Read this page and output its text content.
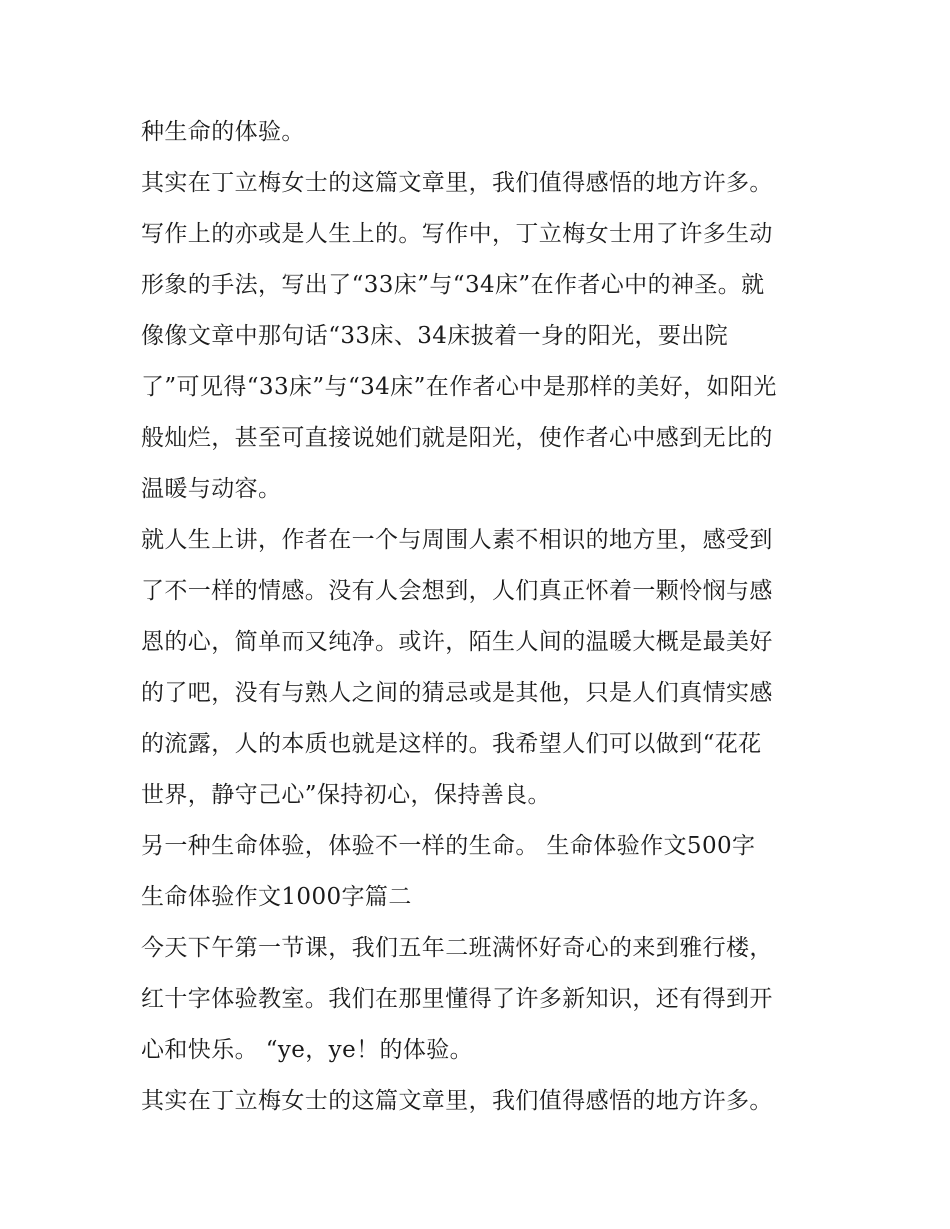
种生命的体验。
其实在丁立梅女士的这篇文章里，我们值得感悟的地方许多。
写作上的亦或是人生上的。写作中，丁立梅女士用了许多生动
形象的手法，写出了“33床”与“34床”在作者心中的神圣。就
像像文章中那句话“33床、34床披着一身的阳光，要出院
了”可见得“33床”与“34床”在作者心中是那样的美好，如阳光
般灿烂，甚至可直接说她们就是阳光，使作者心中感到无比的
温暖与动容。
就人生上讲，作者在一个与周围人素不相识的地方里，感受到
了不一样的情感。没有人会想到，人们真正怀着一颗怜悯与感
恩的心，简单而又纯净。或许，陌生人间的温暖大概是最美好
的了吧，没有与熟人之间的猜忌或是其他，只是人们真情实感
的流露，人的本质也就是这样的。我希望人们可以做到“花花
世界，静守己心”保持初心，保持善良。
另一种生命体验，体验不一样的生命。 生命体验作文500字
生命体验作文1000字篇二
今天下午第一节课，我们五年二班满怀好奇心的来到雅行楼，
红十字体验教室。我们在那里懂得了许多新知识，还有得到开
心和快乐。 “ye，ye！的体验。
其实在丁立梅女士的这篇文章里，我们值得感悟的地方许多。
